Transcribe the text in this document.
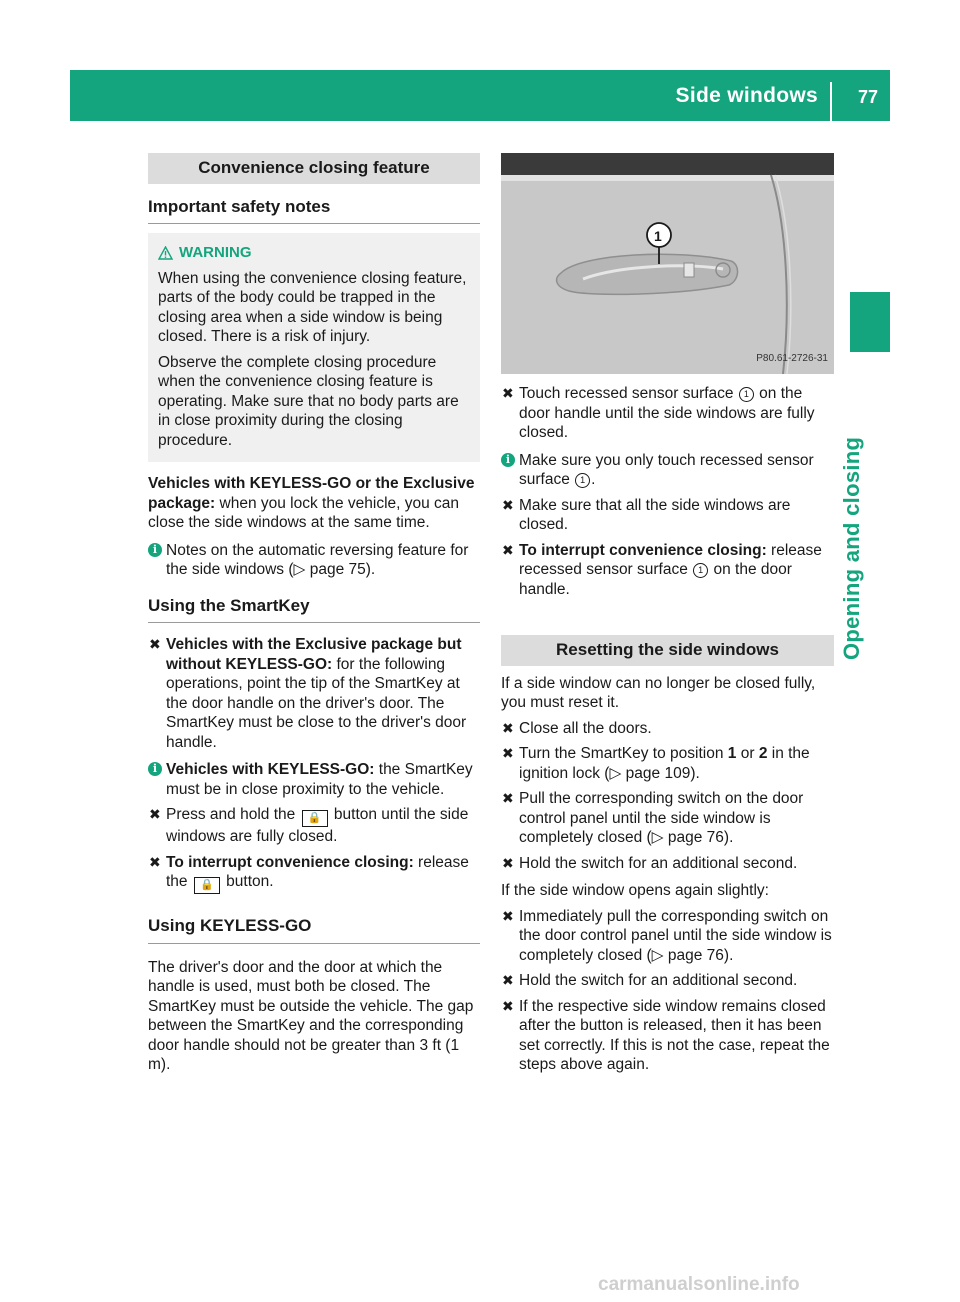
Side windows 77
Opening and closing
Convenience closing feature
Important safety notes
WARNING

When using the convenience closing feature, parts of the body could be trapped in the closing area when a side window is being closed. There is a risk of injury.

Observe the complete closing procedure when the convenience closing feature is operating. Make sure that no body parts are in close proximity during the closing procedure.

Vehicles with KEYLESS-GO or the Exclusive package: when you lock the vehicle, you can close the side windows at the same time.

i Notes on the automatic reversing feature for the side windows (▷ page 75).
Using the SmartKey
✖ Vehicles with the Exclusive package but without KEYLESS-GO: for the following operations, point the tip of the SmartKey at the door handle on the driver's door. The SmartKey must be close to the driver's door handle.
i Vehicles with KEYLESS-GO: the SmartKey must be in close proximity to the vehicle.
✖ Press and hold the 🔒 button until the side windows are fully closed.
✖ To interrupt convenience closing: release the 🔒 button.
Using KEYLESS-GO

The driver's door and the door at which the handle is used, must both be closed. The SmartKey must be outside the vehicle. The gap between the SmartKey and the corresponding door handle should not be greater than 3 ft (1 m).

1
P80.61-2726-31
✖ Touch recessed sensor surface 1 on the door handle until the side windows are fully closed.
i Make sure you only touch recessed sensor surface 1 .
✖ Make sure that all the side windows are closed.
✖ To interrupt convenience closing: release recessed sensor surface 1 on the door handle.
Resetting the side windows

If a side window can no longer be closed fully, you must reset it.

✖ Close all the doors.
✖ Turn the SmartKey to position 1 or 2 in the ignition lock (▷ page 109).
✖ Pull the corresponding switch on the door control panel until the side window is completely closed (▷ page 76).
✖ Hold the switch for an additional second.

If the side window opens again slightly:

✖ Immediately pull the corresponding switch on the door control panel until the side window is completely closed (▷ page 76).
✖ Hold the switch for an additional second.
✖ If the respective side window remains closed after the button is released, then it has been set correctly. If this is not the case, repeat the steps above again.
carmanualsonline.info
